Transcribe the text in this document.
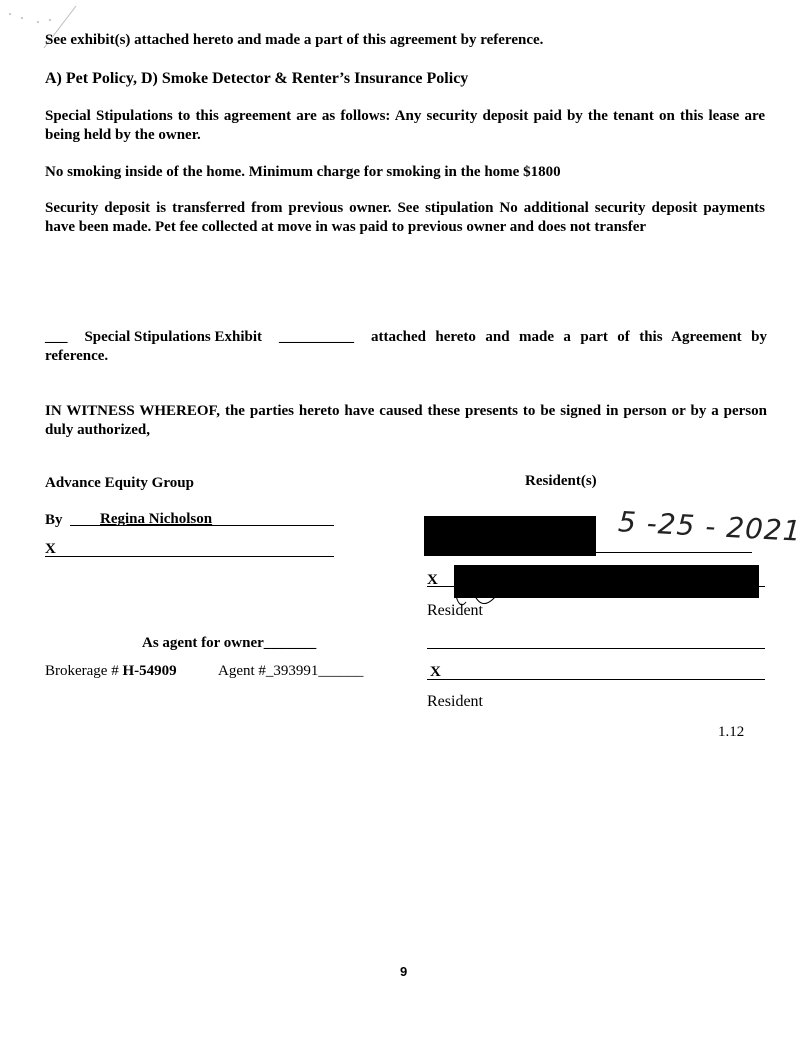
See exhibit(s) attached hereto and made a part of this agreement by reference.
A) Pet Policy, D) Smoke Detector & Renter’s Insurance Policy
Special Stipulations to this agreement are as follows: Any security deposit paid by the tenant on this lease are being held by the owner.
No smoking inside of the home. Minimum charge for smoking in the home $1800
Security deposit is transferred from previous owner. See stipulation No additional security deposit payments have been made. Pet fee collected at move in was paid to previous owner and does not transfer
___ Special Stipulations Exhibit __________ attached hereto and made a part of this Agreement by
reference.
IN WITNESS WHEREOF, the parties hereto have caused these presents to be signed in person or by a person duly authorized,
Advance Equity Group	Resident(s)
By Regina Nicholson
X
As agent for owner_______
Brokerage # H-54909	Agent #_393991______
5 -25 - 2021
X
Resident
X
Resident
1.12
9
